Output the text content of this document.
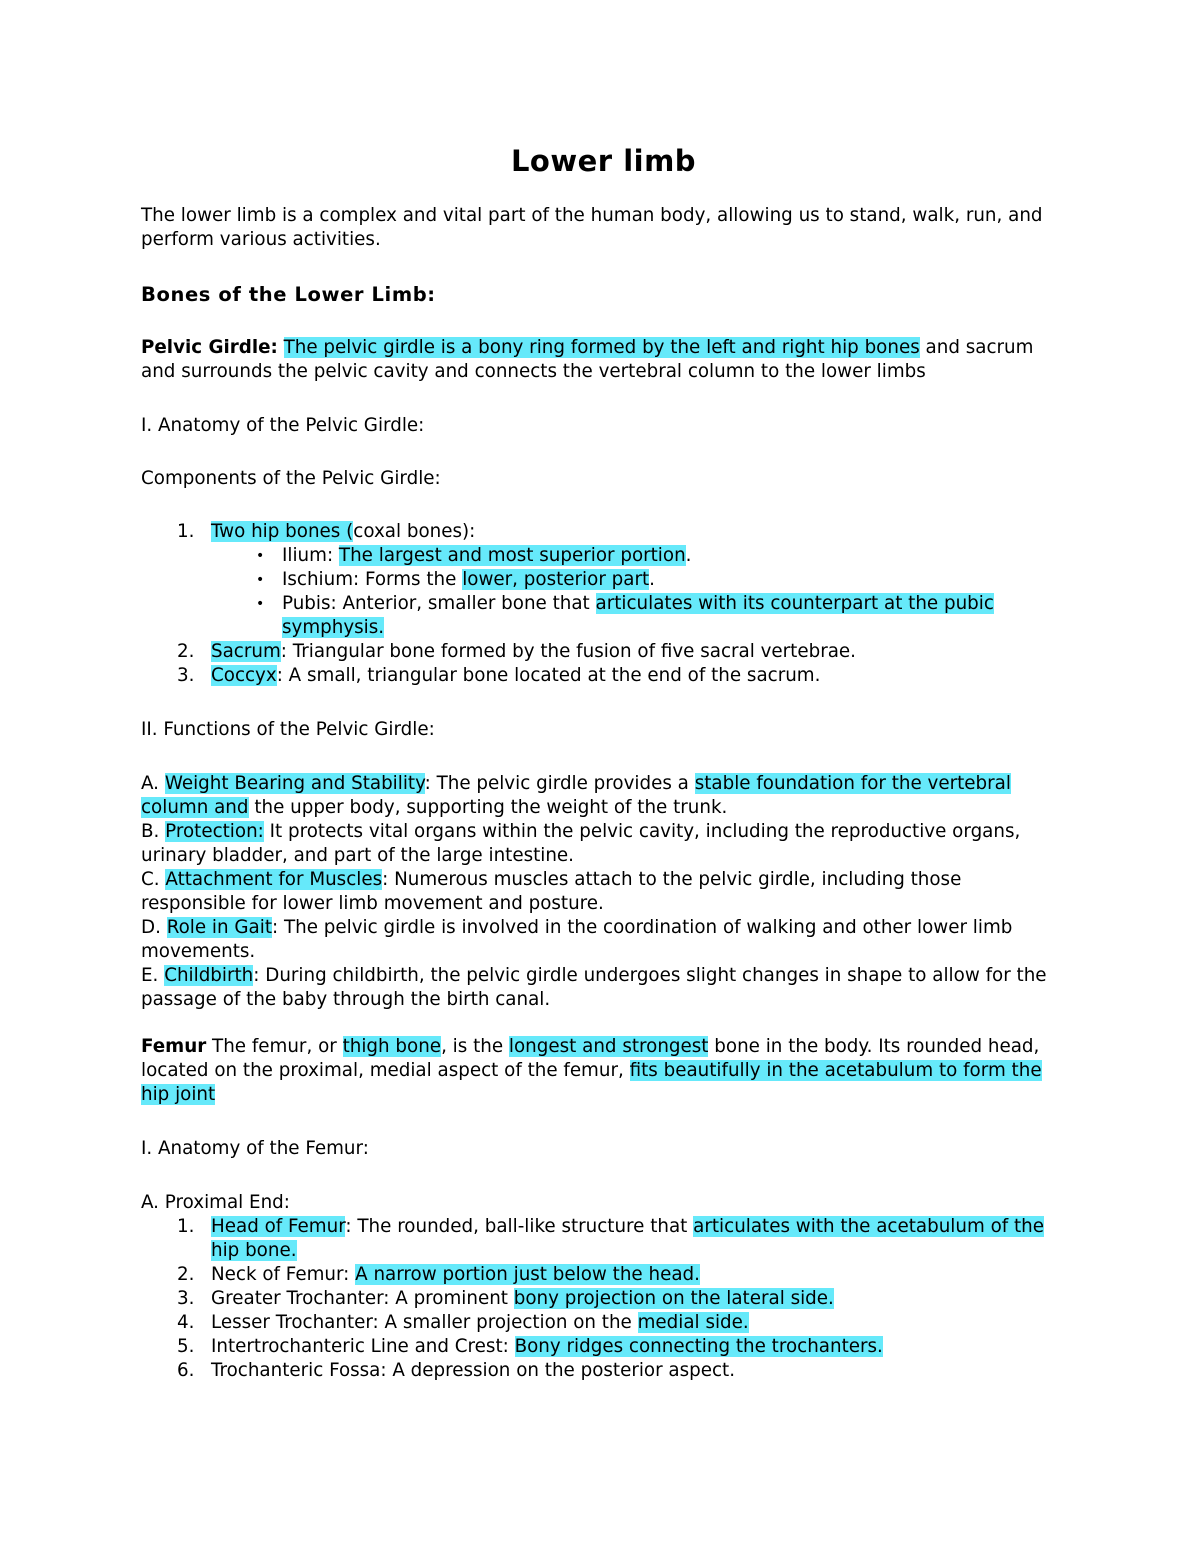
Lower limb

The lower limb is a complex and vital part of the human body, allowing us to stand, walk, run, and perform various activities.

Bones of the Lower Limb:

Pelvic Girdle: The pelvic girdle is a bony ring formed by the left and right hip bones and sacrum and surrounds the pelvic cavity and connects the vertebral column to the lower limbs

I. Anatomy of the Pelvic Girdle:

Components of the Pelvic Girdle:

1. Two hip bones (coxal bones):
• Ilium: The largest and most superior portion.
• Ischium: Forms the lower, posterior part.
• Pubis: Anterior, smaller bone that articulates with its counterpart at the pubic symphysis.
2. Sacrum: Triangular bone formed by the fusion of five sacral vertebrae.
3. Coccyx: A small, triangular bone located at the end of the sacrum.

II. Functions of the Pelvic Girdle:

A. Weight Bearing and Stability: The pelvic girdle provides a stable foundation for the vertebral column and the upper body, supporting the weight of the trunk.

B. Protection: It protects vital organs within the pelvic cavity, including the reproductive organs, urinary bladder, and part of the large intestine.

C. Attachment for Muscles: Numerous muscles attach to the pelvic girdle, including those responsible for lower limb movement and posture.

D. Role in Gait: The pelvic girdle is involved in the coordination of walking and other lower limb movements.

E. Childbirth: During childbirth, the pelvic girdle undergoes slight changes in shape to allow for the passage of the baby through the birth canal.

Femur The femur, or thigh bone, is the longest and strongest bone in the body. Its rounded head, located on the proximal, medial aspect of the femur, fits beautifully in the acetabulum to form the hip joint

I. Anatomy of the Femur:

A. Proximal End:

1. Head of Femur: The rounded, ball-like structure that articulates with the acetabulum of the hip bone.
2. Neck of Femur: A narrow portion just below the head.
3. Greater Trochanter: A prominent bony projection on the lateral side.
4. Lesser Trochanter: A smaller projection on the medial side.
5. Intertrochanteric Line and Crest: Bony ridges connecting the trochanters.
6. Trochanteric Fossa: A depression on the posterior aspect.
